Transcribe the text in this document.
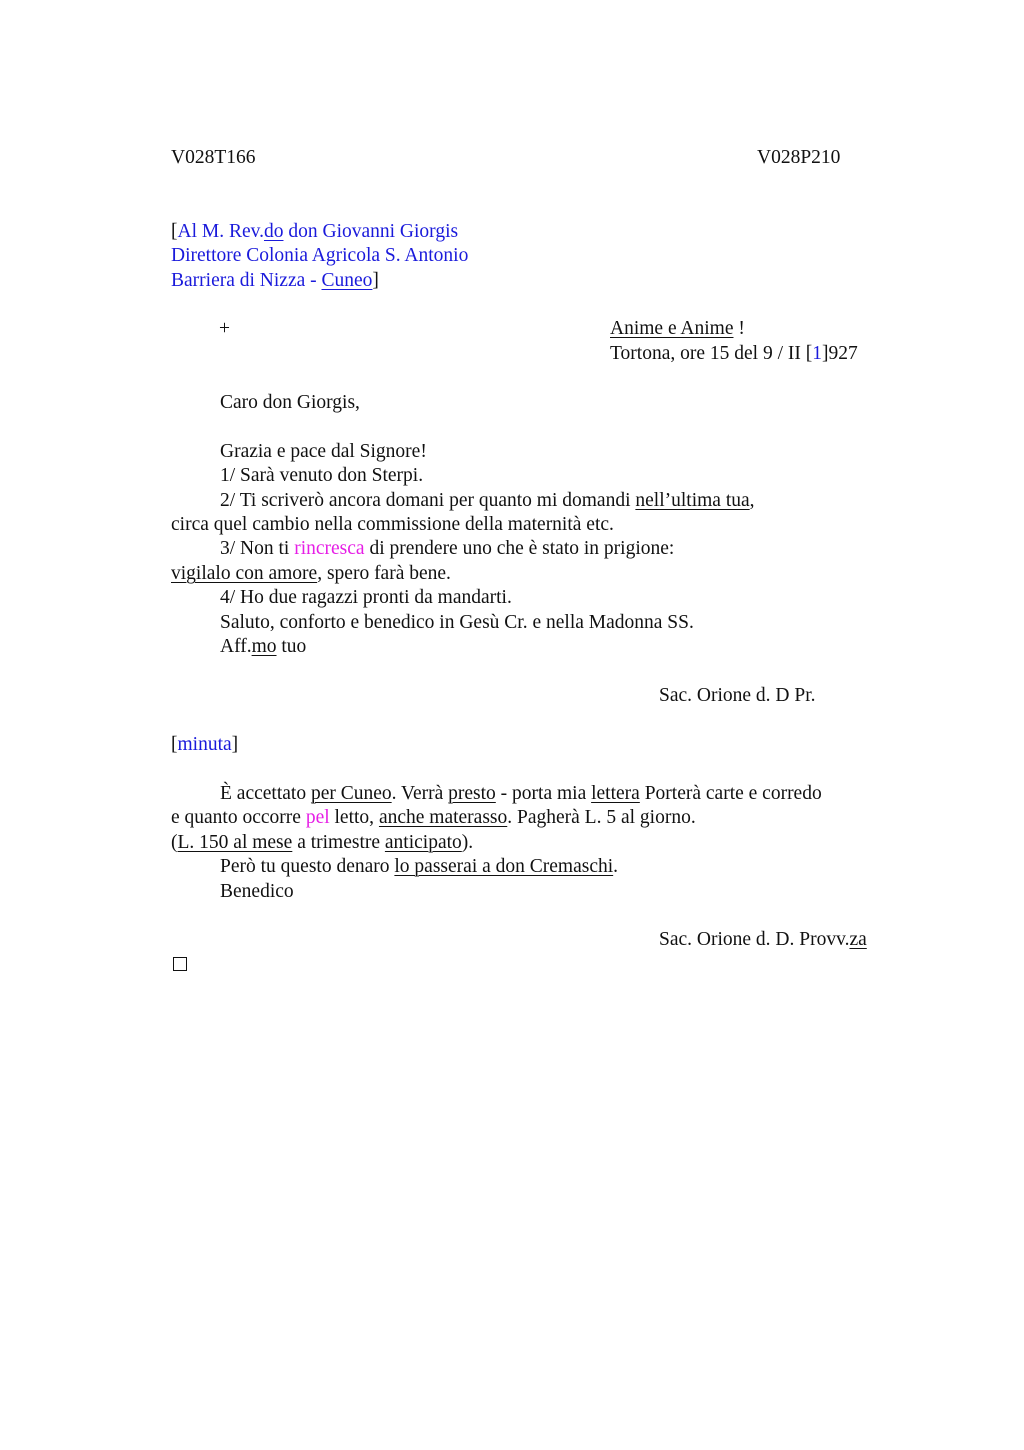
V028T166	V028P210
[Al M. Rev.do don Giovanni Giorgis
Direttore Colonia Agricola S. Antonio
Barriera di Nizza - Cuneo]
+	Anime e Anime !
Tortona, ore 15 del 9 / II [1]927
Caro don Giorgis,
Grazia e pace dal Signore!
1/ Sarà venuto don Sterpi.
2/ Ti scriverò ancora domani per quanto mi domandi nell’ultima tua,
circa quel cambio nella commissione della maternità etc.
3/ Non ti rincresca di prendere uno che è stato in prigione:
vigilalo con amore, spero farà bene.
4/ Ho due ragazzi pronti da mandarti.
Saluto, conforto e benedico in Gesù Cr. e nella Madonna SS.
Aff.mo tuo
Sac. Orione d. D Pr.
[minuta]
È accettato per Cuneo. Verrà presto - porta mia lettera Porterà carte e corredo
e quanto occorre pel letto, anche materasso. Pagherà L. 5 al giorno.
(L. 150 al mese a trimestre anticipato).
Però tu questo denaro lo passerai a don Cremaschi.
Benedico
Sac. Orione d. D. Provv.za
